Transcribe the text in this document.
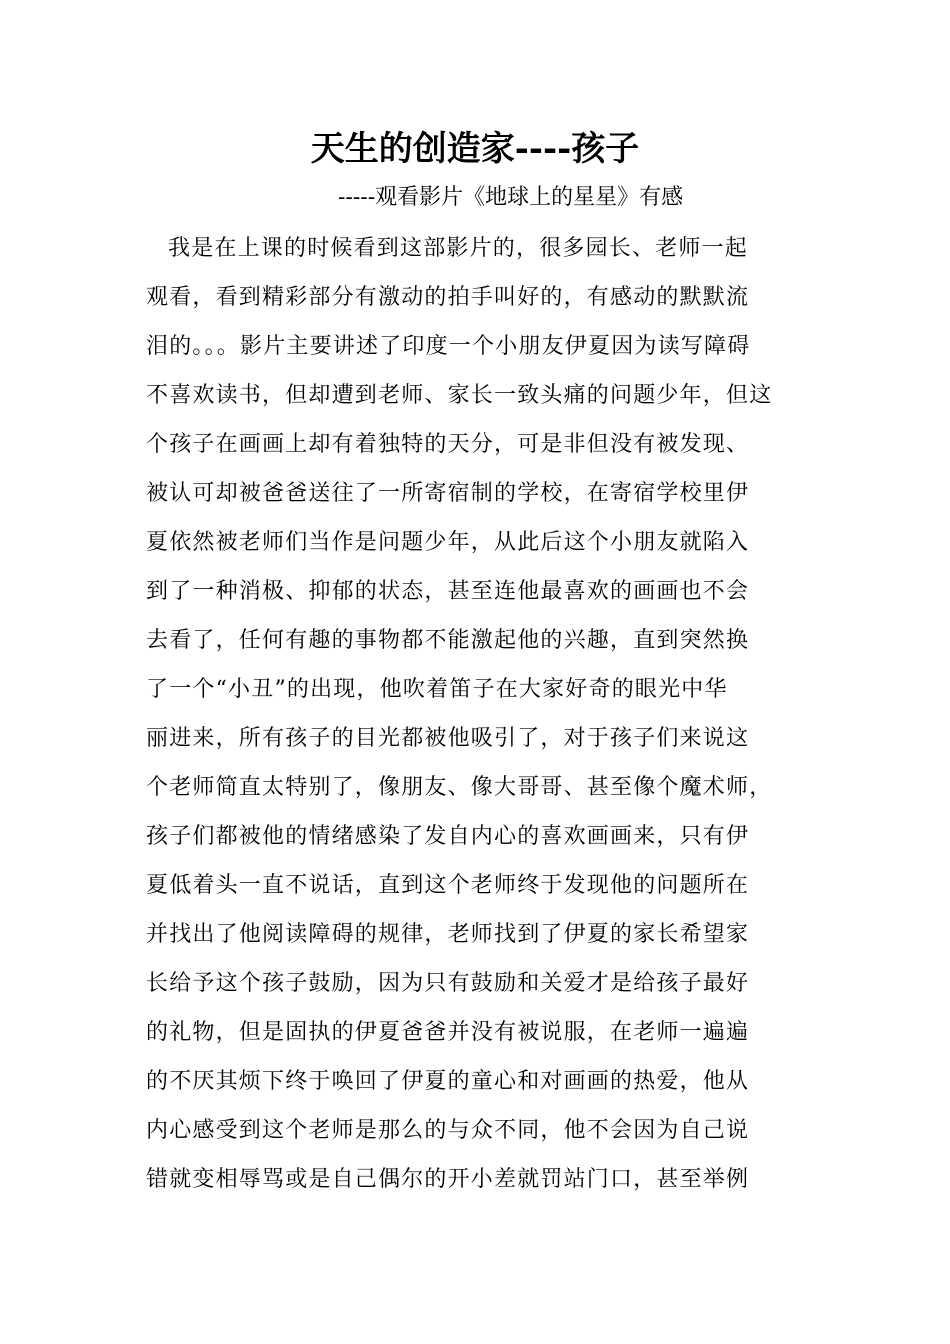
天生的创造家----孩子
-----观看影片《地球上的星星》有感
我是在上课的时候看到这部影片的，很多园长、老师一起
观看，看到精彩部分有激动的拍手叫好的，有感动的默默流
泪的。。。影片主要讲述了印度一个小朋友伊夏因为读写障碍
不喜欢读书，但却遭到老师、家长一致头痛的问题少年，但这
个孩子在画画上却有着独特的天分，可是非但没有被发现、
被认可却被爸爸送往了一所寄宿制的学校，在寄宿学校里伊
夏依然被老师们当作是问题少年，从此后这个小朋友就陷入
到了一种消极、抑郁的状态，甚至连他最喜欢的画画也不会
去看了，任何有趣的事物都不能激起他的兴趣，直到突然换
了一个“小丑”的出现，他吹着笛子在大家好奇的眼光中华
丽进来，所有孩子的目光都被他吸引了，对于孩子们来说这
个老师简直太特别了，像朋友、像大哥哥、甚至像个魔术师，
孩子们都被他的情绪感染了发自内心的喜欢画画来，只有伊
夏低着头一直不说话，直到这个老师终于发现他的问题所在
并找出了他阅读障碍的规律，老师找到了伊夏的家长希望家
长给予这个孩子鼓励，因为只有鼓励和关爱才是给孩子最好
的礼物，但是固执的伊夏爸爸并没有被说服，在老师一遍遍
的不厌其烦下终于唤回了伊夏的童心和对画画的热爱，他从
内心感受到这个老师是那么的与众不同，他不会因为自己说
错就变相辱骂或是自己偶尔的开小差就罚站门口，甚至举例
